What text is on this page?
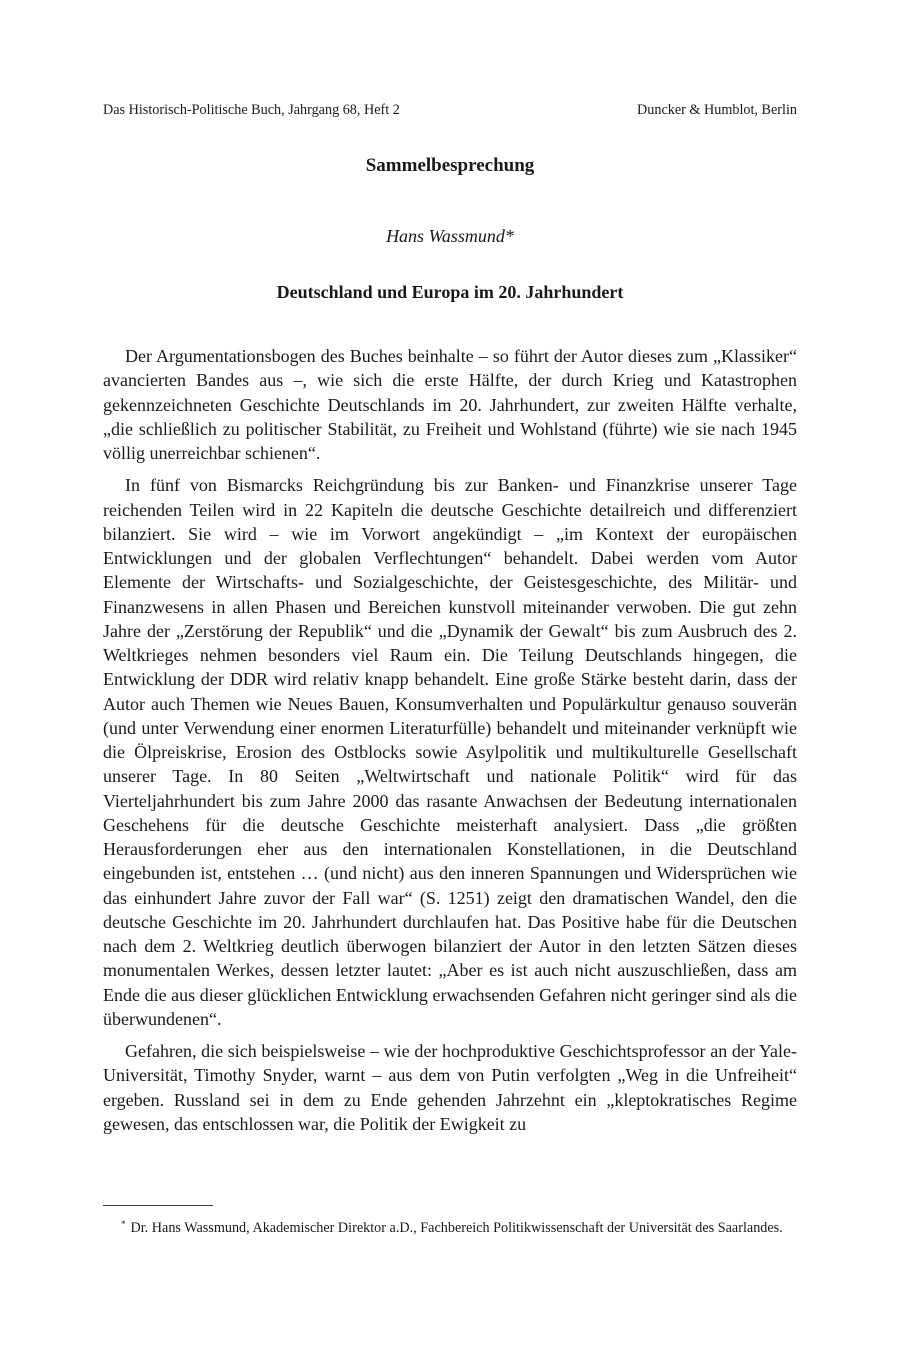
Das Historisch-Politische Buch, Jahrgang 68, Heft 2	Duncker & Humblot, Berlin
Sammelbesprechung
Hans Wassmund*
Deutschland und Europa im 20. Jahrhundert

Der Argumentationsbogen des Buches beinhalte – so führt der Autor dieses zum „Klassiker“ avancierten Bandes aus –, wie sich die erste Hälfte, der durch Krieg und Katastrophen gekennzeichneten Geschichte Deutschlands im 20. Jahrhundert, zur zweiten Hälfte verhalte, „die schließlich zu politischer Stabilität, zu Freiheit und Wohlstand (führte) wie sie nach 1945 völlig unerreichbar schienen“.

In fünf von Bismarcks Reichgründung bis zur Banken- und Finanzkrise unserer Tage reichenden Teilen wird in 22 Kapiteln die deutsche Geschichte detailreich und differenziert bilanziert. Sie wird – wie im Vorwort angekündigt – „im Kontext der europäischen Entwicklungen und der globalen Verflechtungen“ behandelt. Dabei werden vom Autor Elemente der Wirtschafts- und Sozialgeschichte, der Geistesgeschichte, des Militär- und Finanzwesens in allen Phasen und Bereichen kunstvoll miteinander verwoben. Die gut zehn Jahre der „Zerstörung der Republik“ und die „Dynamik der Gewalt“ bis zum Ausbruch des 2. Weltkrieges nehmen besonders viel Raum ein. Die Teilung Deutschlands hingegen, die Entwicklung der DDR wird relativ knapp behandelt. Eine große Stärke besteht darin, dass der Autor auch Themen wie Neues Bauen, Konsumverhalten und Populärkultur genauso souverän (und unter Verwendung einer enormen Literaturfülle) behandelt und miteinander verknüpft wie die Ölpreiskrise, Erosion des Ostblocks sowie Asylpolitik und multikulturelle Gesellschaft unserer Tage. In 80 Seiten „Weltwirtschaft und nationale Politik“ wird für das Vierteljahrhundert bis zum Jahre 2000 das rasante Anwachsen der Bedeutung internationalen Geschehens für die deutsche Geschichte meisterhaft analysiert. Dass „die größten Herausforderungen eher aus den internationalen Konstellationen, in die Deutschland eingebunden ist, entstehen … (und nicht) aus den inneren Spannungen und Widersprüchen wie das einhundert Jahre zuvor der Fall war“ (S. 1251) zeigt den dramatischen Wandel, den die deutsche Geschichte im 20. Jahrhundert durchlaufen hat. Das Positive habe für die Deutschen nach dem 2. Weltkrieg deutlich überwogen bilanziert der Autor in den letzten Sätzen dieses monumentalen Werkes, dessen letzter lautet: „Aber es ist auch nicht auszuschließen, dass am Ende die aus dieser glücklichen Entwicklung erwachsenden Gefahren nicht geringer sind als die überwundenen“.

Gefahren, die sich beispielsweise – wie der hochproduktive Geschichtsprofessor an der Yale-Universität, Timothy Snyder, warnt – aus dem von Putin verfolgten „Weg in die Unfreiheit“ ergeben. Russland sei in dem zu Ende gehenden Jahrzehnt ein „kleptokratisches Regime gewesen, das entschlossen war, die Politik der Ewigkeit zu

* Dr. Hans Wassmund, Akademischer Direktor a.D., Fachbereich Politikwissenschaft der Universität des Saarlandes.
